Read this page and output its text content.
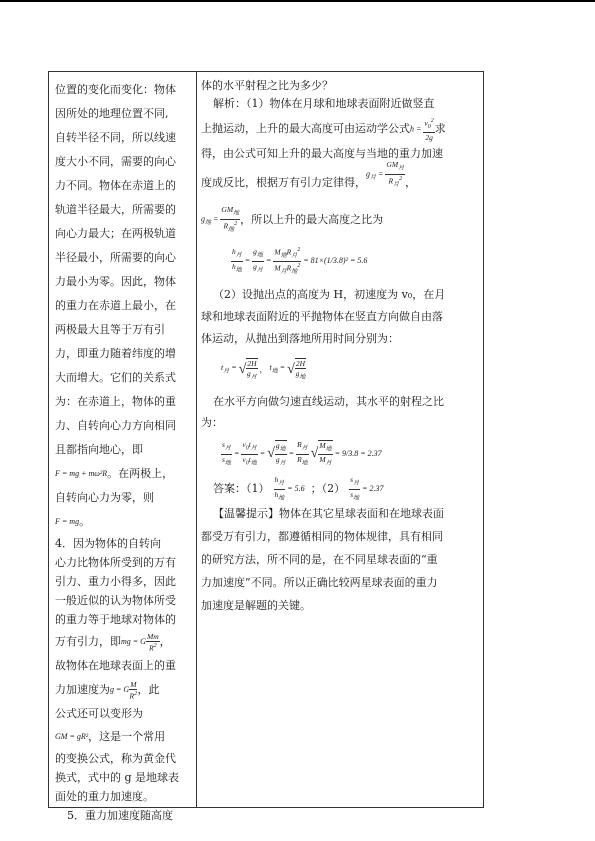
位置的变化而变化：物体

因所处的地理位置不同,

自转半径不同，所以线速

度大小不同，需要的向心

力不同。物体在赤道上的

轨道半径最大，所需要的

向心力最大；在两极轨道

半径最小，所需要的向心

力最小为零。因此，物体

的重力在赤道上最小，在

两极最大且等于万有引

力，即重力随着纬度的增

大而增大。它们的关系式

为：在赤道上，物体的重

力、自转向心力方向相同

且都指向地心，即

F = mg + mω²R。在两极上，

自转向心力为零，则

F = mg。

4．因为物体的自转向

心力比物体所受到的万有

引力、重力小得多，因此

一般近似的认为物体所受

的重力等于地球对物体的

万有引力，即 mg = G $\frac{Mm}{R^2}$ ，

故物体在地球表面上的重

力加速度为 g = G $\frac{M}{R^2}$ ，此

公式还可以变形为

GM = gR²，这是一个常用

的变换公式，称为黄金代

换式，式中的 g 是地球表

面处的重力加速度。

5．重力加速度随高度

体的水平射程之比为多少？

解析：（1）物体在月球和地球表面附近做竖直

上抛运动，上升的最大高度可由运动学公式 $h = \frac{v_0^2}{2g}$ 求

得，由公式可知上升的最大高度与当地的重力加速

度成反比，根据万有引力定律得，
$g_月 = \frac{GM_月}{R_月^2}$ ，

$g_地 = \frac{GM_地}{R_地^2}$ ，所以上升的最大高度之比为

$\frac{h_月}{h_地} = \frac{g_地}{g_月} = \frac{M_地R_月^2}{M_月R_地^2} = 81\times(1/3.8)^2 = 5.6$

（2）设抛出点的高度为 H，初速度为 v₀，在月

球和地球表面附近的平抛物体在竖直方向做自由落

体运动，从抛出到落地所用时间分别为：

$t_月$ = √ 2H
$g_月$
， $t_地$ = √ 2H
$g_地$

在水平方向做匀速直线运动，其水平的射程之比

为：

$\frac{s_月}{s_地} = \frac{v_0t_月}{v_0t_地}$ = √
$g_地$
$g_月$
= $\frac{R_月}{R_地}$ √
$M_地$
$M_月$
= 9/3.8 = 2.37
答案：$(1) \frac{h_月}{h_地} = 5.6$ ；$(2) \frac{s_月}{s_地} = 2.37$

【温馨提示】物体在其它星球表面和在地球表面

都受万有引力，都遵循相同的物体规律，具有相同

的研究方法，所不同的是，在不同星球表面的“重

力加速度”不同。所以正确比较两星球表面的重力

加速度是解题的关键。
